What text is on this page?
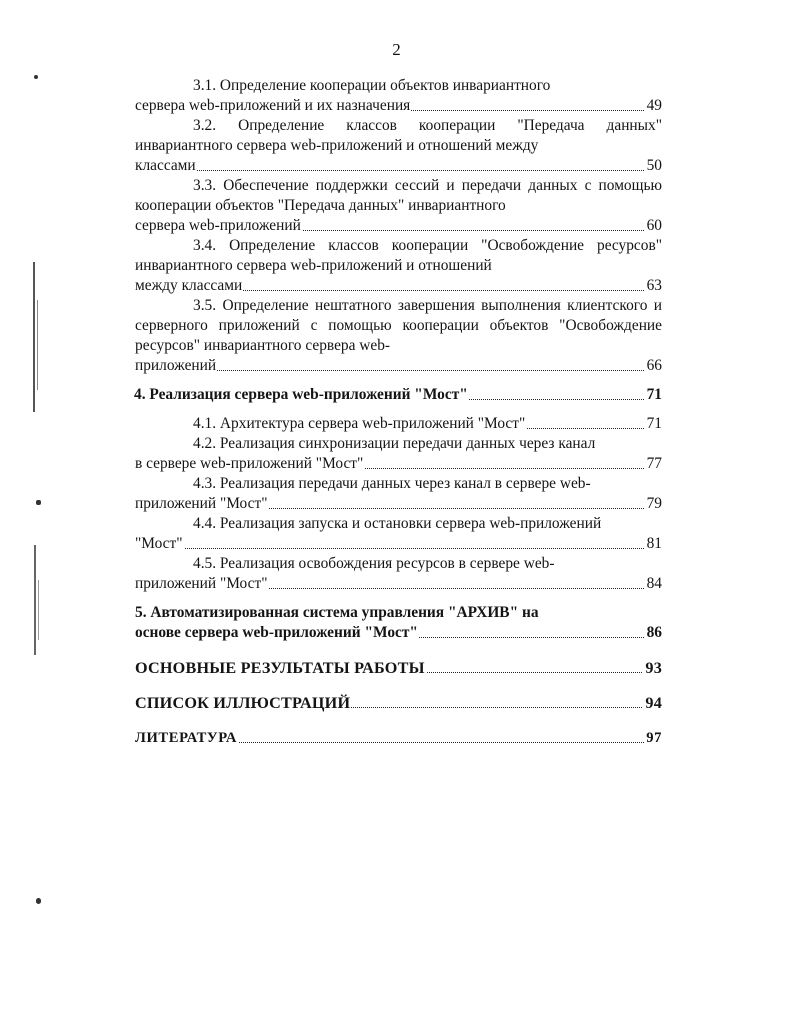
2

3.1. Определение кооперации объектов инвариантного
сервера web-приложений и их назначения	49

3.2. Определение классов кооперации "Передача данных" инвариантного сервера web-приложений и отношений между
классами	50

3.3. Обеспечение поддержки сессий и передачи данных с помощью кооперации объектов "Передача данных" инвариантного
сервера web-приложений	60

3.4. Определение классов кооперации "Освобождение ресурсов" инвариантного сервера web-приложений и отношений
между классами	63

3.5. Определение нештатного завершения выполнения клиентского и серверного приложений с помощью кооперации объектов "Освобождение ресурсов" инвариантного сервера web-
приложений	66

4. Реализация сервера web-приложений "Мост"	71

4.1. Архитектура сервера web-приложений "Мост"	71

4.2. Реализация синхронизации передачи данных через канал
в сервере web-приложений "Мост"	77

4.3. Реализация передачи данных через канал в сервере web-
приложений "Мост"	79

4.4. Реализация запуска и остановки сервера web-приложений
"Мост"	81

4.5. Реализация освобождения ресурсов в сервере web-
приложений "Мост"	84

5. Автоматизированная система управления "АРХИВ" на
основе сервера web-приложений "Мост"	86

ОСНОВНЫЕ РЕЗУЛЬТАТЫ РАБОТЫ	93

СПИСОК ИЛЛЮСТРАЦИЙ	94

ЛИТЕРАТУРА	97
